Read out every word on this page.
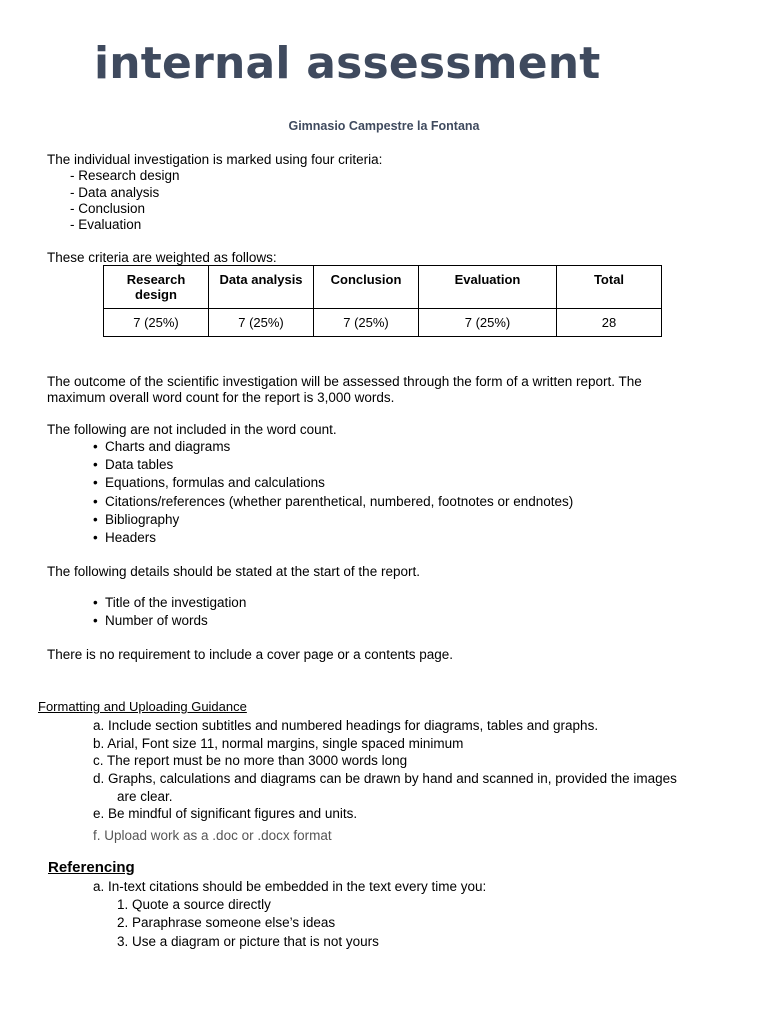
internal assessment
Gimnasio Campestre la Fontana
The individual investigation is marked using four criteria:
- Research design
- Data analysis
- Conclusion
- Evaluation
These criteria are weighted as follows:
Research design	Data analysis	Conclusion	Evaluation	Total
7 (25%)	7 (25%)	7 (25%)	7 (25%)	28
The outcome of the scientific investigation will be assessed through the form of a written report. The
maximum overall word count for the report is 3,000 words.
The following are not included in the word count.
• Charts and diagrams
• Data tables
• Equations, formulas and calculations
• Citations/references (whether parenthetical, numbered, footnotes or endnotes)
• Bibliography
• Headers
The following details should be stated at the start of the report.
• Title of the investigation
• Number of words
There is no requirement to include a cover page or a contents page.
Formatting and Uploading Guidance
a. Include section subtitles and numbered headings for diagrams, tables and graphs.
b. Arial, Font size 11, normal margins, single spaced minimum
c. The report must be no more than 3000 words long
d. Graphs, calculations and diagrams can be drawn by hand and scanned in, provided the images
are clear.
e. Be mindful of significant figures and units.
f. Upload work as a .doc or .docx format
Referencing
a. In-text citations should be embedded in the text every time you:
1. Quote a source directly
2. Paraphrase someone else’s ideas
3. Use a diagram or picture that is not yours
